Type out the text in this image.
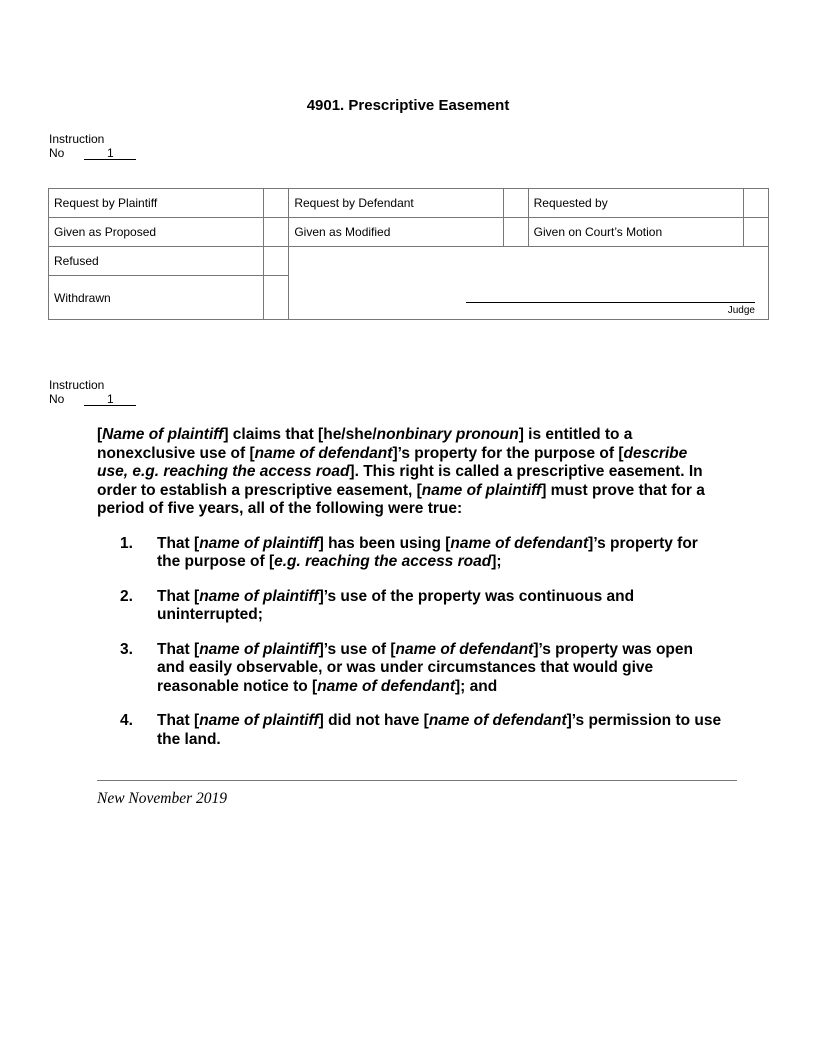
4901. Prescriptive Easement
Instruction
No	1
Request by Plaintiff		Request by Defendant		Requested by	
Given as Proposed		Given as Modified		Given on Court’s Motion	
Refused		Judge			

Withdrawn					
Instruction
No	1

[Name of plaintiff] claims that [he/she/nonbinary pronoun] is entitled to a nonexclusive use of [name of defendant]’s property for the purpose of [describe use, e.g. reaching the access road]. This right is called a prescriptive easement. In order to establish a prescriptive easement, [name of plaintiff] must prove that for a period of five years, all of the following were true:

1. That [name of plaintiff] has been using [name of defendant]’s property for the purpose of [e.g. reaching the access road];
2. That [name of plaintiff]’s use of the property was continuous and uninterrupted;
3. That [name of plaintiff]’s use of [name of defendant]’s property was open and easily observable, or was under circumstances that would give reasonable notice to [name of defendant]; and
4. That [name of plaintiff] did not have [name of defendant]’s permission to use the land.
New November 2019
